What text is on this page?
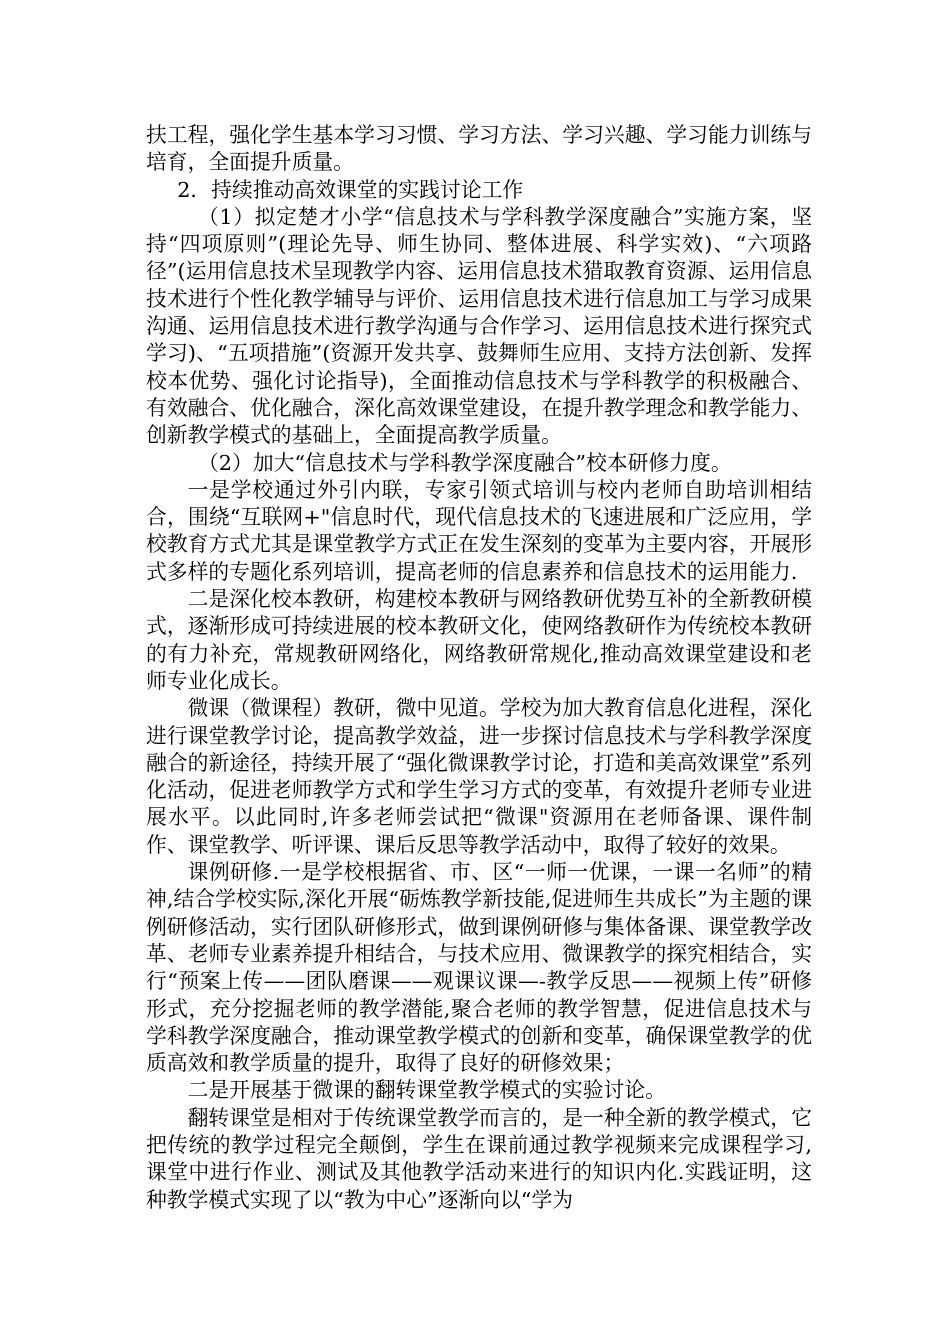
扶工程，强化学生基本学习习惯、学习方法、学习兴趣、学习能力训练与培育，全面提升质量。

2．持续推动高效课堂的实践讨论工作

（1）拟定楚才小学“信息技术与学科教学深度融合”实施方案，坚持“四项原则”(理论先导、师生协同、整体进展、科学实效)、“六项路径”(运用信息技术呈现教学内容、运用信息技术猎取教育资源、运用信息技术进行个性化教学辅导与评价、运用信息技术进行信息加工与学习成果沟通、运用信息技术进行教学沟通与合作学习、运用信息技术进行探究式学习)、“五项措施”(资源开发共享、鼓舞师生应用、支持方法创新、发挥校本优势、强化讨论指导)，全面推动信息技术与学科教学的积极融合、有效融合、优化融合，深化高效课堂建设，在提升教学理念和教学能力、创新教学模式的基础上，全面提高教学质量。

（2）加大“信息技术与学科教学深度融合”校本研修力度。

一是学校通过外引内联，专家引领式培训与校内老师自助培训相结合，围绕“互联网+"信息时代，现代信息技术的飞速进展和广泛应用，学校教育方式尤其是课堂教学方式正在发生深刻的变革为主要内容，开展形式多样的专题化系列培训，提高老师的信息素养和信息技术的运用能力.

二是深化校本教研，构建校本教研与网络教研优势互补的全新教研模式，逐渐形成可持续进展的校本教研文化，使网络教研作为传统校本教研的有力补充，常规教研网络化，网络教研常规化,推动高效课堂建设和老师专业化成长。

微课（微课程）教研，微中见道。学校为加大教育信息化进程，深化进行课堂教学讨论，提高教学效益，进一步探讨信息技术与学科教学深度融合的新途径，持续开展了“强化微课教学讨论，打造和美高效课堂”系列化活动，促进老师教学方式和学生学习方式的变革，有效提升老师专业进展水平。以此同时,许多老师尝试把“微课"资源用在老师备课、课件制作、课堂教学、听评课、课后反思等教学活动中，取得了较好的效果。

课例研修.一是学校根据省、市、区“一师一优课，一课一名师”的精神,结合学校实际,深化开展“砺炼教学新技能,促进师生共成长”为主题的课例研修活动，实行团队研修形式，做到课例研修与集体备课、课堂教学改革、老师专业素养提升相结合，与技术应用、微课教学的探究相结合，实行“预案上传——团队磨课——观课议课—-教学反思——视频上传”研修形式，充分挖掘老师的教学潜能,聚合老师的教学智慧，促进信息技术与学科教学深度融合，推动课堂教学模式的创新和变革，确保课堂教学的优质高效和教学质量的提升，取得了良好的研修效果；

二是开展基于微课的翻转课堂教学模式的实验讨论。

翻转课堂是相对于传统课堂教学而言的，是一种全新的教学模式，它把传统的教学过程完全颠倒，学生在课前通过教学视频来完成课程学习,课堂中进行作业、测试及其他教学活动来进行的知识内化.实践证明，这种教学模式实现了以“教为中心”逐渐向以“学为
